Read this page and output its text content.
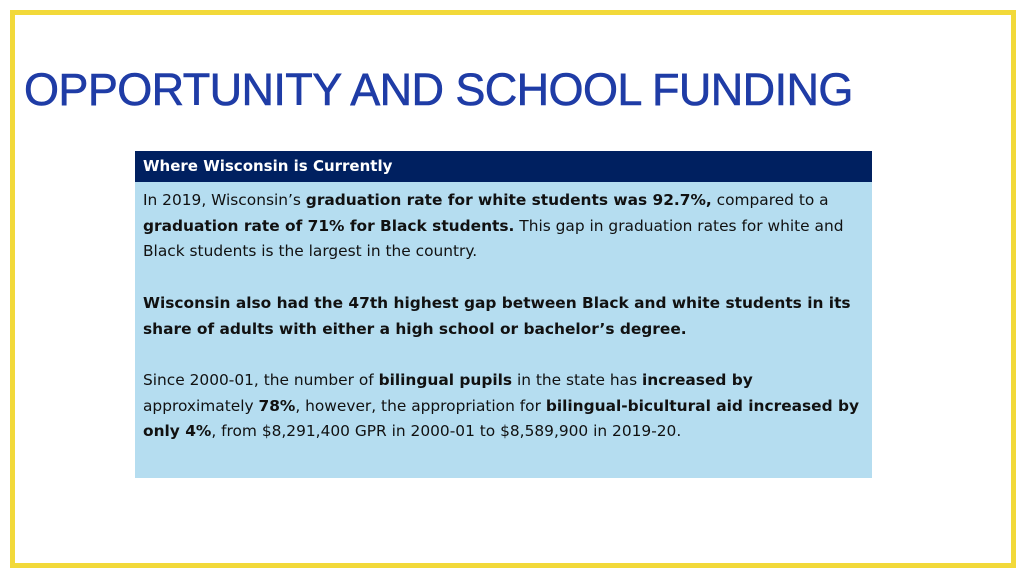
OPPORTUNITY AND SCHOOL FUNDING
Where Wisconsin is Currently

In 2019, Wisconsin’s graduation rate for white students was 92.7%, compared to a graduation rate of 71% for Black students. This gap in graduation rates for white and Black students is the largest in the country.

Wisconsin also had the 47th highest gap between Black and white students in its share of adults with either a high school or bachelor’s degree.

Since 2000-01, the number of bilingual pupils in the state has increased by approximately 78%, however, the appropriation for bilingual-bicultural aid increased by only 4%, from $8,291,400 GPR in 2000-01 to $8,589,900 in 2019-20.
